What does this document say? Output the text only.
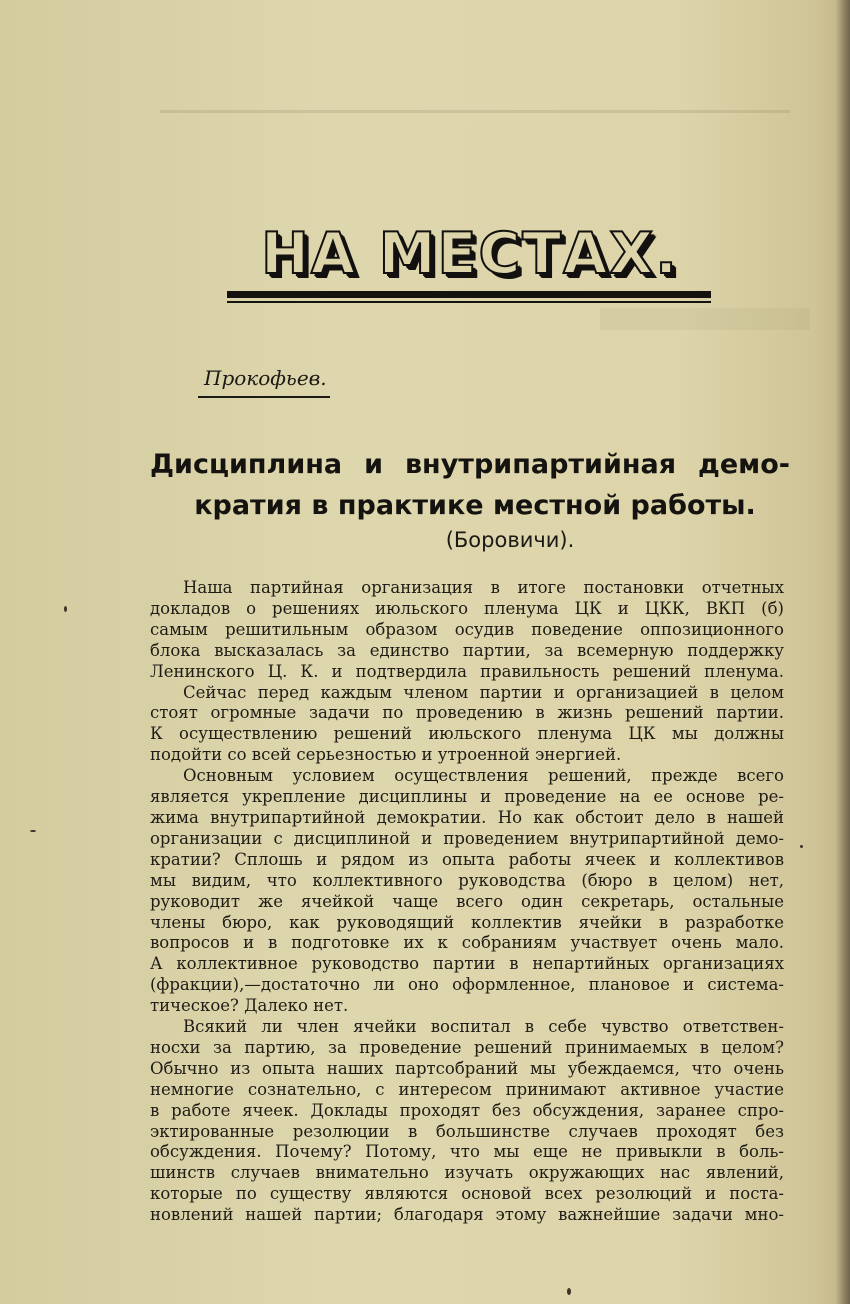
НА МЕСТАХ.
Прокофьев.
Дисциплина и внутрипартийная демо-
кратия в практике местной работы.
(Боровичи).
Наша партийная организация в итоге постановки отчетных
докладов о решениях июльского пленума ЦК и ЦКК, ВКП (б)
самым решитильным образом осудив поведение оппозиционного
блока высказалась за единство партии, за всемерную поддержку
Ленинского Ц. К. и подтвердила правильность решений пленума.
Сейчас перед каждым членом партии и организацией в целом
стоят огромные задачи по проведению в жизнь решений партии.
К осуществлению решений июльского пленума ЦК мы должны
подойти со всей серьезностью и утроенной энергией.
Основным условием осуществления решений, прежде всего
является укрепление дисциплины и проведение на ее основе ре-
жима внутрипартийной демократии. Но как обстоит дело в нашей
организации с дисциплиной и проведением внутрипартийной демо-
кратии? Сплошь и рядом из опыта работы ячеек и коллективов
мы видим, что коллективного руководства (бюро в целом) нет,
руководит же ячейкой чаще всего один секретарь, остальные
члены бюро, как руководящий коллектив ячейки в разработке
вопросов и в подготовке их к собраниям участвует очень мало.
А коллективное руководство партии в непартийных организациях
(фракции),—достаточно ли оно оформленное, плановое и система-
тическое? Далеко нет.
Всякий ли член ячейки воспитал в себе чувство ответствен-
носхи за партию, за проведение решений принимаемых в целом?
Обычно из опыта наших партсобраний мы убеждаемся, что очень
немногие сознательно, с интересом принимают активное участие
в работе ячеек. Доклады проходят без обсуждения, заранее спро-
эктированные резолюции в большинстве случаев проходят без
обсуждения. Почему? Потому, что мы еще не привыкли в боль-
шинств случаев внимательно изучать окружающих нас явлений,
которые по существу являются основой всех резолюций и поста-
новлений нашей партии; благодаря этому важнейшие задачи мно-
